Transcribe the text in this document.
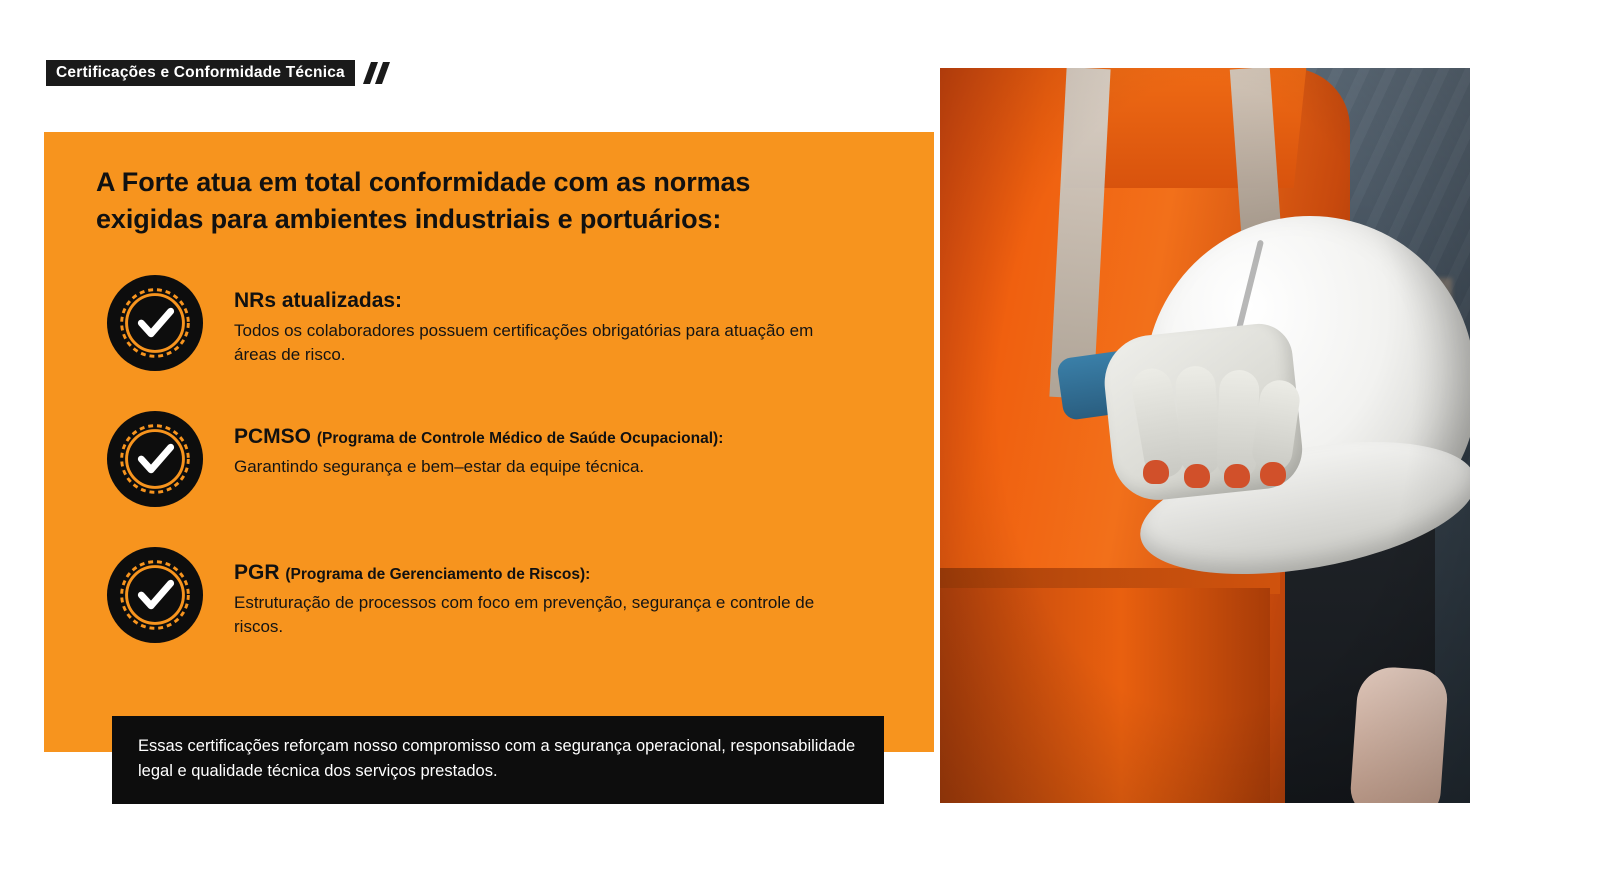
Certificações e Conformidade Técnica
A Forte atua em total conformidade com as normas exigidas para ambientes industriais e portuários:
NRs atualizadas:
Todos os colaboradores possuem certificações obrigatórias para atuação em áreas de risco.
PCMSO (Programa de Controle Médico de Saúde Ocupacional):
Garantindo segurança e bem–estar da equipe técnica.
PGR (Programa de Gerenciamento de Riscos):
Estruturação de processos com foco em prevenção, segurança e controle de riscos.
Essas certificações reforçam nosso compromisso com a segurança operacional, responsabilidade legal e qualidade técnica dos serviços prestados.
